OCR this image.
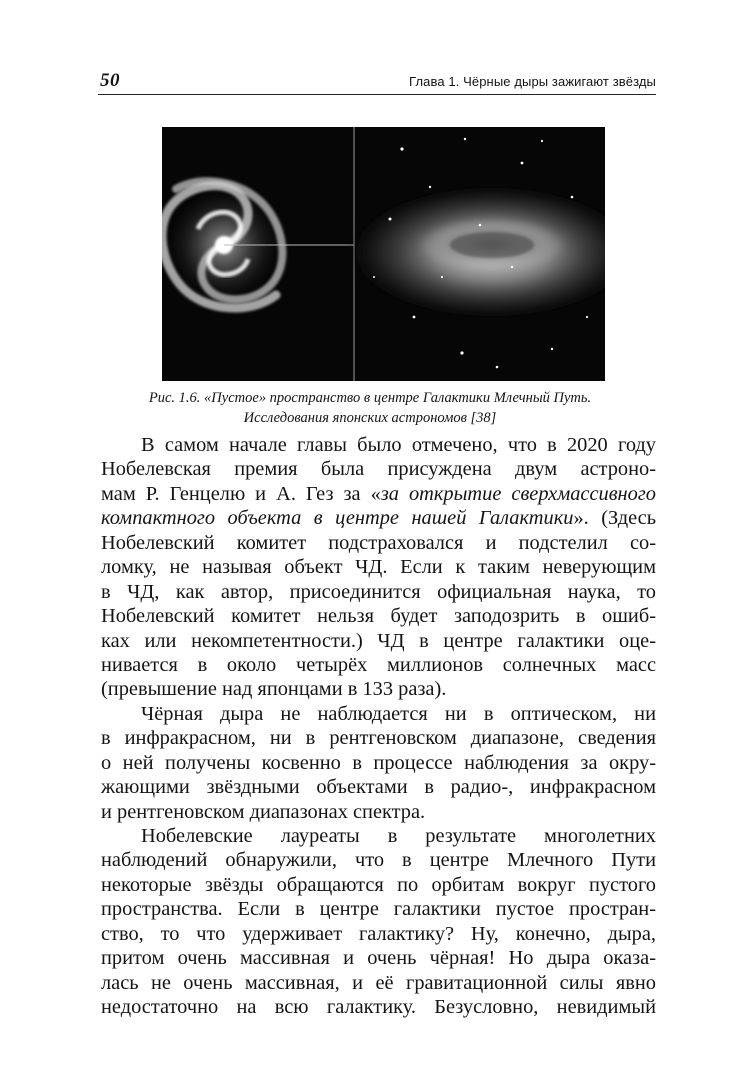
50	Глава 1. Чёрные дыры зажигают звёзды
Рис. 1.6. «Пустое» пространство в центре Галактики Млечный Путь.
Исследования японских астрономов [38]
В самом начале главы было отмечено, что в 2020 году
Нобелевская премия была присуждена двум астроно-
мам Р. Генцелю и А. Гез за «за открытие сверхмассивного
компактного объекта в центре нашей Галактики». (Здесь
Нобелевский комитет подстраховался и подстелил со-
ломку, не называя объект ЧД. Если к таким неверующим
в ЧД, как автор, присоединится официальная наука, то
Нобелевский комитет нельзя будет заподозрить в ошиб-
ках или некомпетентности.) ЧД в центре галактики оце-
нивается в около четырёх миллионов солнечных масс
(превышение над японцами в 133 раза).
Чёрная дыра не наблюдается ни в оптическом, ни
в инфракрасном, ни в рентгеновском диапазоне, сведения
о ней получены косвенно в процессе наблюдения за окру-
жающими звёздными объектами в радио-, инфракрасном
и рентгеновском диапазонах спектра.
Нобелевские лауреаты в результате многолетних
наблюдений обнаружили, что в центре Млечного Пути
некоторые звёзды обращаются по орбитам вокруг пустого
пространства. Если в центре галактики пустое простран-
ство, то что удерживает галактику? Ну, конечно, дыра,
притом очень массивная и очень чёрная! Но дыра оказа-
лась не очень массивная, и её гравитационной силы явно
недостаточно на всю галактику. Безусловно, невидимый
